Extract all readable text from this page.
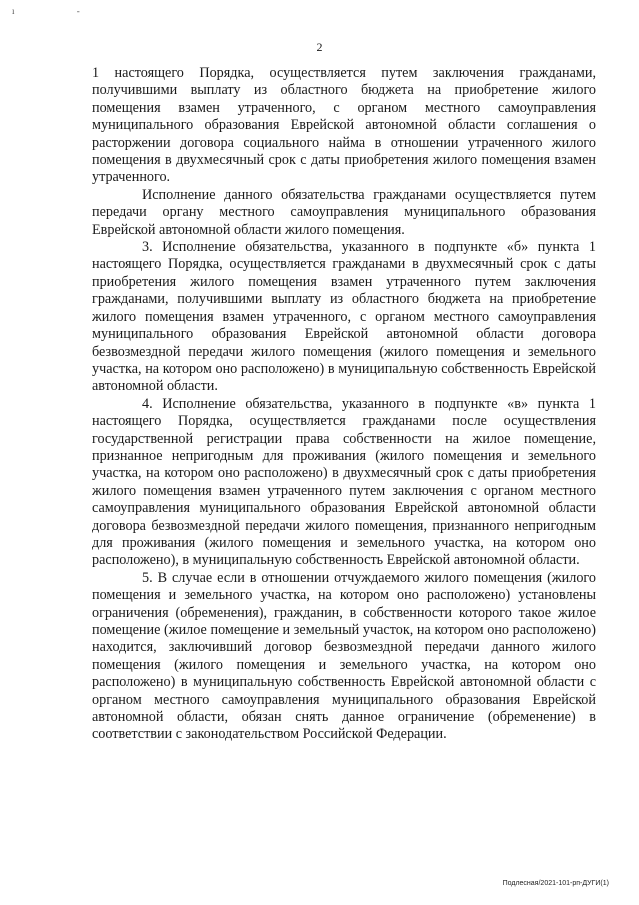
ı -
2

1 настоящего Порядка, осуществляется путем заключения гражданами, получившими выплату из областного бюджета на приобретение жилого помещения взамен утраченного, с органом местного самоуправления муниципального образования Еврейской автономной области соглашения о расторжении договора социального найма в отношении утраченного жилого помещения в двухмесячный срок с даты приобретения жилого помещения взамен утраченного.

Исполнение данного обязательства гражданами осуществляется путем передачи органу местного самоуправления муниципального образования Еврейской автономной области жилого помещения.

3. Исполнение обязательства, указанного в подпункте «б» пункта 1 настоящего Порядка, осуществляется гражданами в двухмесячный срок с даты приобретения жилого помещения взамен утраченного путем заключения гражданами, получившими выплату из областного бюджета на приобретение жилого помещения взамен утраченного, с органом местного самоуправления муниципального образования Еврейской автономной области договора безвозмездной передачи жилого помещения (жилого помещения и земельного участка, на котором оно расположено) в муниципальную собственность Еврейской автономной области.

4. Исполнение обязательства, указанного в подпункте «в» пункта 1 настоящего Порядка, осуществляется гражданами после осуществления государственной регистрации права собственности на жилое помещение, признанное непригодным для проживания (жилого помещения и земельного участка, на котором оно расположено) в двухмесячный срок с даты приобретения жилого помещения взамен утраченного путем заключения с органом местного самоуправления муниципального образования Еврейской автономной области договора безвозмездной передачи жилого помещения, признанного непригодным для проживания (жилого помещения и земельного участка, на котором оно расположено), в муниципальную собственность Еврейской автономной области.

5. В случае если в отношении отчуждаемого жилого помещения (жилого помещения и земельного участка, на котором оно расположено) установлены ограничения (обременения), гражданин, в собственности которого такое жилое помещение (жилое помещение и земельный участок, на котором оно расположено) находится, заключивший договор безвозмездной передачи данного жилого помещения (жилого помещения и земельного участка, на котором оно расположено) в муниципальную собственность Еврейской автономной области с органом местного самоуправления муниципального образования Еврейской автономной области, обязан снять данное ограничение (обременение) в соответствии с законодательством Российской Федерации.

Подлесная/2021-101-рп-ДУГИ(1)
